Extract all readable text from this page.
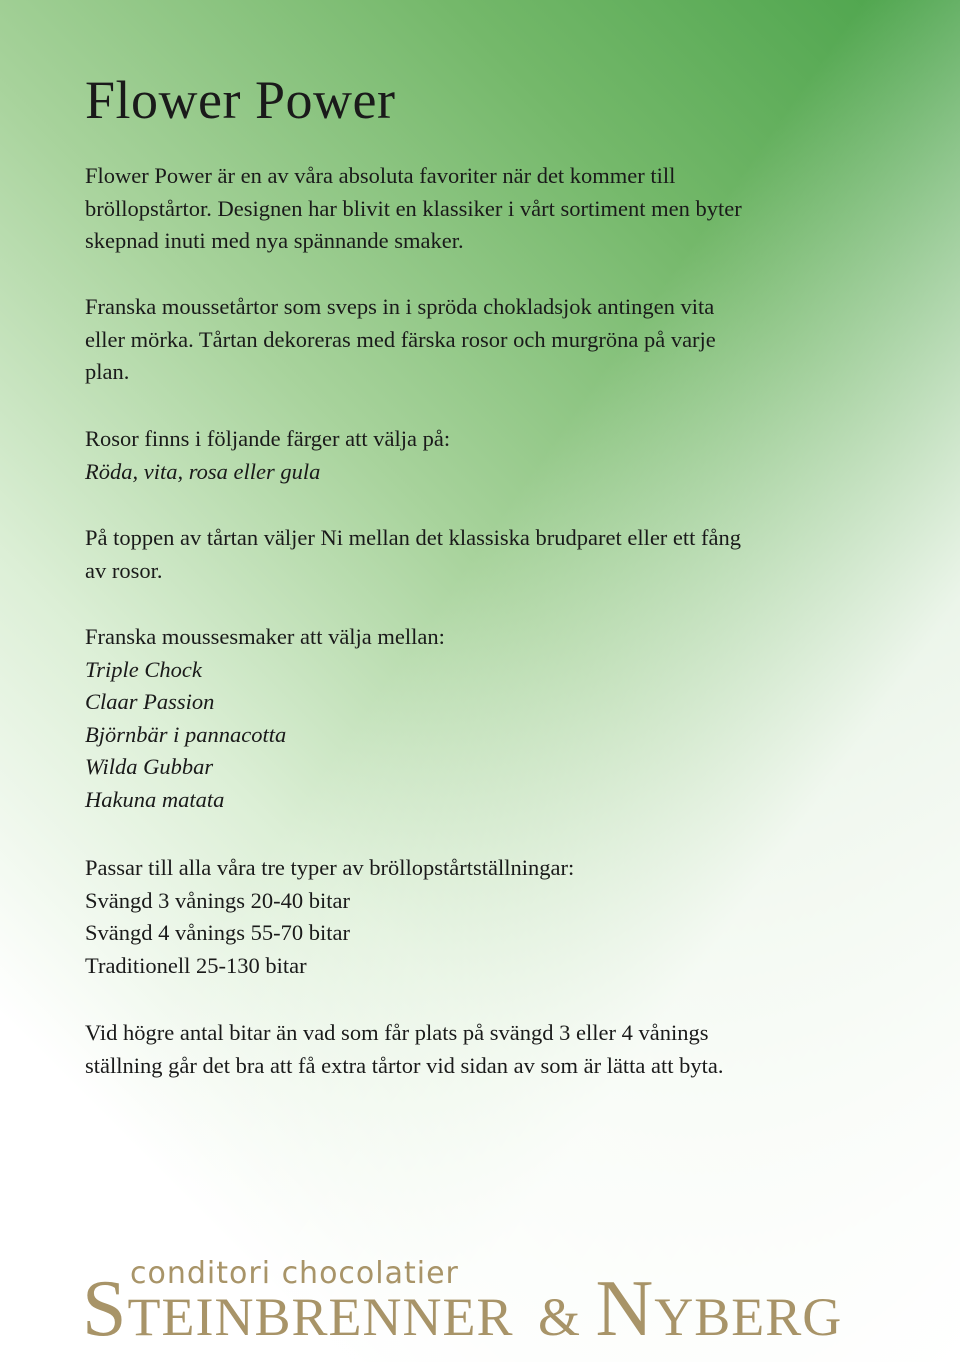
Flower Power

Flower Power är en av våra absoluta favoriter när det kommer till
bröllopstårtor. Designen har blivit en klassiker i vårt sortiment men byter
skepnad inuti med nya spännande smaker.

Franska moussetårtor som sveps in i spröda chokladsjok antingen vita
eller mörka. Tårtan dekoreras med färska rosor och murgröna på varje
plan.

Rosor finns i följande färger att välja på:
Röda, vita, rosa eller gula

På toppen av tårtan väljer Ni mellan det klassiska brudparet eller ett fång
av rosor.

Franska moussesmaker att välja mellan:
Triple Chock
Claar Passion
Björnbär i pannacotta
Wilda Gubbar
Hakuna matata

Passar till alla våra tre typer av bröllopstårtställningar:
Svängd 3 vånings 20-40 bitar
Svängd 4 vånings 55-70 bitar
Traditionell 25-130 bitar

Vid högre antal bitar än vad som får plats på svängd 3 eller 4 vånings
ställning går det bra att få extra tårtor vid sidan av som är lätta att byta.

conditori chocolatier
STEINBRENNER & NYBERG
